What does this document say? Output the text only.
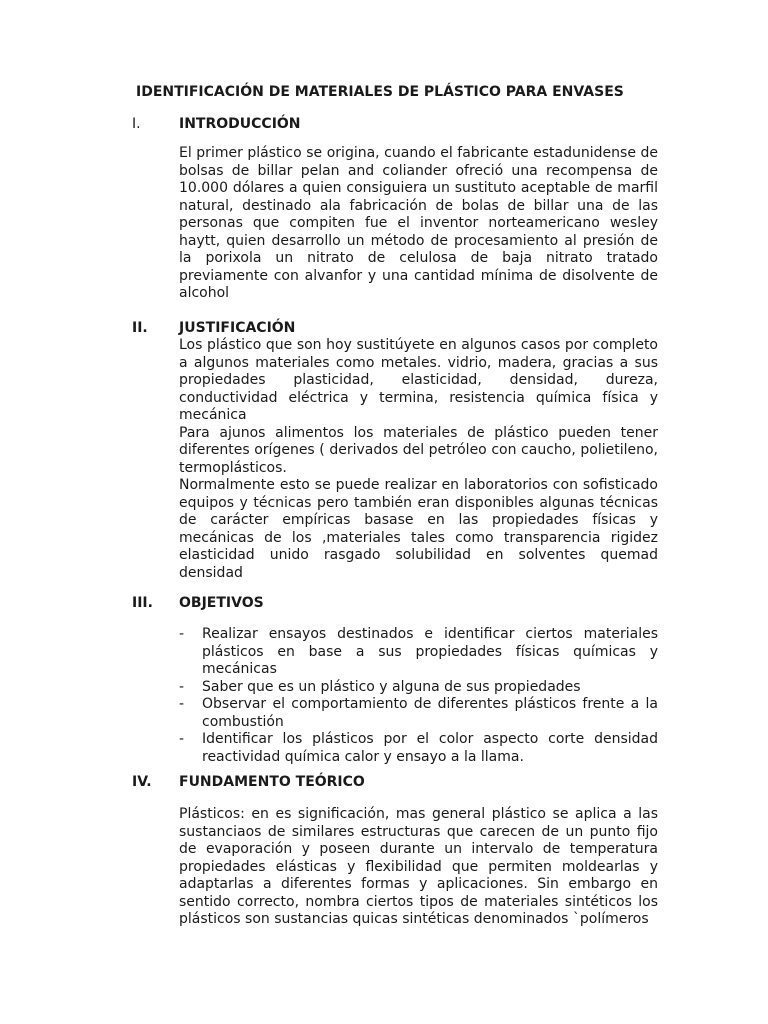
IDENTIFICACIÓN DE MATERIALES DE PLÁSTICO PARA ENVASES
I.	INTRODUCCIÓN

El primer plástico se origina, cuando el fabricante estadunidense de bolsas de billar pelan and coliander ofreció una recompensa de 10.000 dólares a quien consiguiera un sustituto aceptable de marfil natural, destinado ala fabricación de bolas de billar una de las personas que compiten fue el inventor norteamericano wesley haytt, quien desarrollo un método de procesamiento al presión de la porixola un nitrato de celulosa de baja nitrato tratado previamente con alvanfor y una cantidad mínima de disolvente de alcohol

II. JUSTIFICACIÓN

Los plástico que son hoy sustitúyete en algunos casos por completo a algunos materiales como metales. vidrio, madera, gracias a sus propiedades plasticidad, elasticidad, densidad, dureza, conductividad eléctrica y termina, resistencia química física y mecánica

Para ajunos alimentos los materiales de plástico pueden tener diferentes orígenes ( derivados del petróleo con caucho, polietileno, termoplásticos.

Normalmente esto se puede realizar en laboratorios con sofisticado equipos y técnicas pero también eran disponibles algunas técnicas de carácter empíricas basase en las propiedades físicas y mecánicas de los ,materiales tales como transparencia rigidez elasticidad unido rasgado solubilidad en solventes quemad densidad

III. OBJETIVOS
- Realizar ensayos destinados e identificar ciertos materiales plásticos en base a sus propiedades físicas químicas y mecánicas
- Saber que es un plástico y alguna de sus propiedades
- Observar el comportamiento de diferentes plásticos frente a la combustión
- Identificar los plásticos por el color aspecto corte densidad reactividad química calor y ensayo a la llama.
IV. FUNDAMENTO TEÓRICO

Plásticos: en es significación, mas general plástico se aplica a las sustanciaos de similares estructuras que carecen de un punto fijo de evaporación y poseen durante un intervalo de temperatura propiedades elásticas y flexibilidad que permiten moldearlas y adaptarlas a diferentes formas y aplicaciones. Sin embargo en sentido correcto, nombra ciertos tipos de materiales sintéticos los plásticos son sustancias quicas sintéticas denominados `polímeros
